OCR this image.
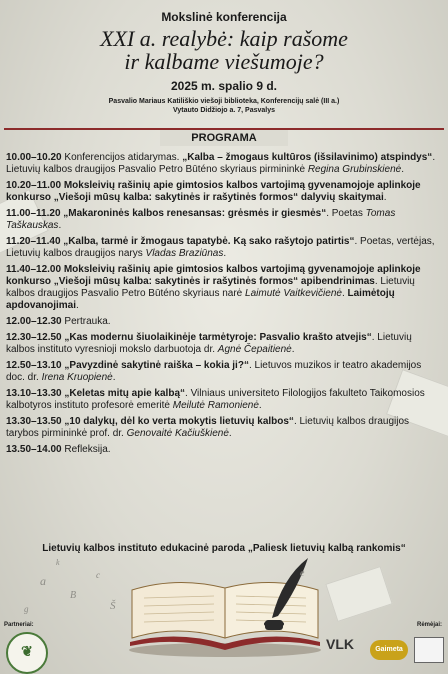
Mokslinė konferencija
XXI a. realybė: kaip rašome
ir kalbame viešumoje?
2025 m. spalio 9 d.
Pasvalio Mariaus Katiliškio viešoji biblioteka, Konferencijų salė (III a.)
Vytauto Didžiojo a. 7, Pasvalys
PROGRAMA
10.00–10.20 Konferencijos atidarymas. „Kalba – žmogaus kultūros (išsilavinimo) atspindys“. Lietuvių kalbos draugijos Pasvalio Petro Būténo skyriaus pirmininkė Regina Grubinskienė.
10.20–11.00 Moksleivių rašinių apie gimtosios kalbos vartojimą gyvenamojoje aplinkoje konkurso „Viešoji mūsų kalba: sakytinės ir rašytinės formos“ dalyvių skaitymai.
11.00–11.20 „Makaroninės kalbos renesansas: grėsmės ir giesmės“. Poetas Tomas Taškauskas.
11.20–11.40 „Kalba, tarmė ir žmogaus tapatybė. Ką sako rašytojo patirtis“. Poetas, vertėjas, Lietuvių kalbos draugijos narys Vladas Braziūnas.
11.40–12.00 Moksleivių rašinių apie gimtosios kalbos vartojimą gyvenamojoje aplinkoje konkurso „Viešoji mūsų kalba: sakytinės ir rašytinės formos“ apibendrinimas. Lietuvių kalbos draugijos Pasvalio Petro Būténo skyriaus narė Laimutė Vaitkevičienė. Laimėtojų apdovanojimai.
12.00–12.30 Pertrauka.
12.30–12.50 „Kas modernu šiuolaikinėje tarmėtyroje: Pasvalio krašto atvejis“. Lietuvių kalbos instituto vyresnioji mokslo darbuotoja dr. Agnė Čepaitienė.
12.50–13.10 „Pavyzdinė sakytinė raiška – kokia ji?“. Lietuvos muzikos ir teatro akademijos doc. dr. Irena Kruopienė.
13.10–13.30 „Keletas mitų apie kalbą“. Vilniaus universiteto Filologijos fakulteto Taikomosios kalbotyros instituto profesorė emeritė Meilutė Ramonienė.
13.30–13.50 „10 dalykų, dėl ko verta mokytis lietuvių kalbos“. Lietuvių kalbos draugijos tarybos pirmininkė prof. dr. Genovaitė Kačiuškienė.
13.50–14.00 Refleksija.
Lietuvių kalbos instituto edukacinė paroda „Paliesk lietuvių kalbą rankomis“
a
B
c
g	Š
e
k
Partneriai:	Rėmėjai:
❦
VLK	Gaimeta
